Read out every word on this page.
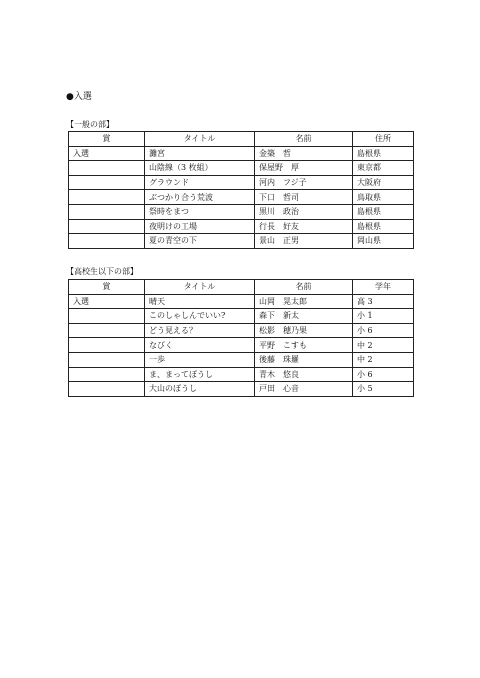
●入選
【一般の部】
賞	タイトル	名前	住所
入選	灘宮	金築　哲	島根県
	山陰線（3 枚組）	保屋野　厚	東京都
	グラウンド	河内　フジ子	大阪府
	ぶつかり合う荒波	下口　哲司	鳥取県
	祭時をまつ	黒川　政治	島根県
	夜明けの工場	行長　好友	島根県
	夏の青空の下	景山　正男	岡山県
【高校生以下の部】
賞	タイトル	名前	学年
入選	晴天	山岡　晃太郎	高 3
	このしゃしんでいい?	森下　新太	小 1
	どう見える？	松影　穂乃果	小 6
	なびく	平野　こすも	中 2
	一歩	後藤　珠羅	中 2
	ま、まってぼうし	青木　悠良	小 6
	大山のぼうし	戸田　心音	小 5
